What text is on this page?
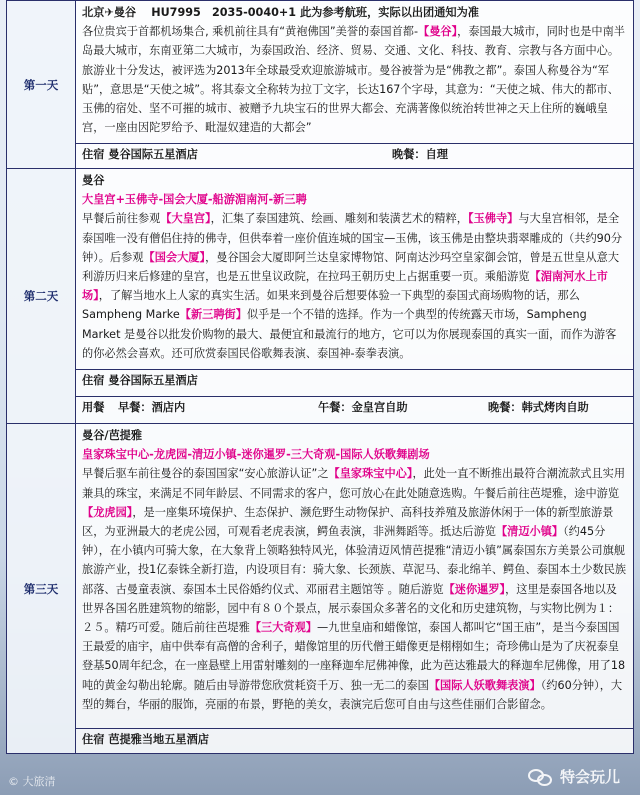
第一天	北京✈曼谷　 HU7995　2035-0040+1 此为参考航班，实际以出团通知为准
各位贵宾于首都机场集合, 乘机前往具有“黄袍佛国”美誉的泰国首都-【曼谷】，泰国最大城市，同时也是中南半岛最大城市，东南亚第二大城市，为泰国政治、经济、贸易、交通、文化、科技、教育、宗教与各方面中心。旅游业十分发达，被评选为2013年全球最受欢迎旅游城市。曼谷被誉为是“佛教之都”。泰国人称曼谷为“军贴”，意思是“天使之城”。将其泰文全称转为拉丁文字，长达167个字母，其意为：“天使之城、伟大的都市、玉佛的宿处、坚不可摧的城市、被赠予九块宝石的世界大都会、充满著像似统治转世神之天上住所的巍峨皇宫，一座由因陀罗给予、毗湿奴建造的大都会”

	住宿 曼谷国际五星酒店 晚餐：自理

第二天	曼谷
大皇宫+玉佛寺-国会大厦-船游湄南河-新三聘
早餐后前往参观【大皇宫】，汇集了泰国建筑、绘画、雕刻和装潢艺术的精粹，【玉佛寺】与大皇宫相邻，是全泰国唯一没有僧侣住持的佛寺，但供奉着一座价值连城的国宝—玉佛，该玉佛是由整块翡翠雕成的（共约90分钟）。后参观【国会大厦】，曼谷国会大厦即阿兰达皇家博物馆、阿南达沙玛空皇家御会馆，曾是五世皇从意大利游历归来后修建的皇宫，也是五世皇议政院，在拉玛王朝历史上占据重要一页。乘船游览【湄南河水上市场】，了解当地水上人家的真实生活。如果来到曼谷后想要体验一下典型的泰国式商场购物的话，那么 Sampheng Marke【新三聘街】似乎是一个不错的选择。作为一个典型的传统露天市场，Sampheng Market 是曼谷以批发价购物的最大、最便宜和最流行的地方，它可以为你展现泰国的真实一面，而作为游客的你必然会喜欢。还可欣赏泰国民俗歌舞表演、泰国神-泰拳表演。

	住宿 曼谷国际五星酒店

	用餐 早餐：酒店内 午餐：金皇宫自助 晚餐：韩式烤肉自助

第三天	曼谷/芭提雅
皇家珠宝中心-龙虎园-清迈小镇-迷你暹罗-三大奇观-国际人妖歌舞剧场
早餐后驱车前往曼谷的泰国国家“安心旅游认证”之【皇家珠宝中心】，此处一直不断推出最符合潮流款式且实用兼具的珠宝，来满足不同年龄层、不同需求的客户，您可放心在此处随意选购。午餐后前往芭堤雅，途中游览【龙虎园】，是一座集环境保护、生态保护、濒危野生动物保护、高科技养殖及旅游休闲于一体的新型旅游景区，为亚洲最大的老虎公园，可观看老虎表演，鳄鱼表演，非洲舞蹈等。抵达后游览【清迈小镇】（约45分钟），在小镇内可骑大象，在大象背上领略独特风光，体验清迈风情芭提雅“清迈小镇”属泰国东方美景公司旗舰旅游产业，投1亿泰铢全新打造，内设项目有：骑大象、长颈族、草泥马、泰北绵羊、鳄鱼、泰国本土少数民族部落、古曼童表演、泰国本土民俗婚约仪式、邓丽君主题馆等 。随后游览【迷你暹罗】，这里是泰国各地以及世界各国名胜建筑物的缩影，园中有８０个景点，展示泰国众多著名的文化和历史建筑物，与实物比例为１：２５。精巧可爱。随后前往芭堤雅【三大奇观】—九世皇庙和蜡像馆，泰国人都叫它“国王庙”，是当今泰国国王最爱的庙宇，庙中供奉有高僧的舍利子，蜡像馆里的历代僧王蜡像更是栩栩如生；奇珍佛山是为了庆祝泰皇登基50周年纪念，在一座悬壁上用雷射雕刻的一座释迦牟尼佛神像，此为芭达雅最大的释迦牟尼佛像，用了18吨的黄金勾勒出轮廓。随后由导游带您欣赏耗资千万、独一无二的泰国【国际人妖歌舞表演】（约60分钟），大型的舞台，华丽的服饰，亮丽的布景，野艳的美女，表演完后您可自由与这些佳丽们合影留念。

	住宿 芭提雅当地五星酒店
© 大旅清	特会玩儿
